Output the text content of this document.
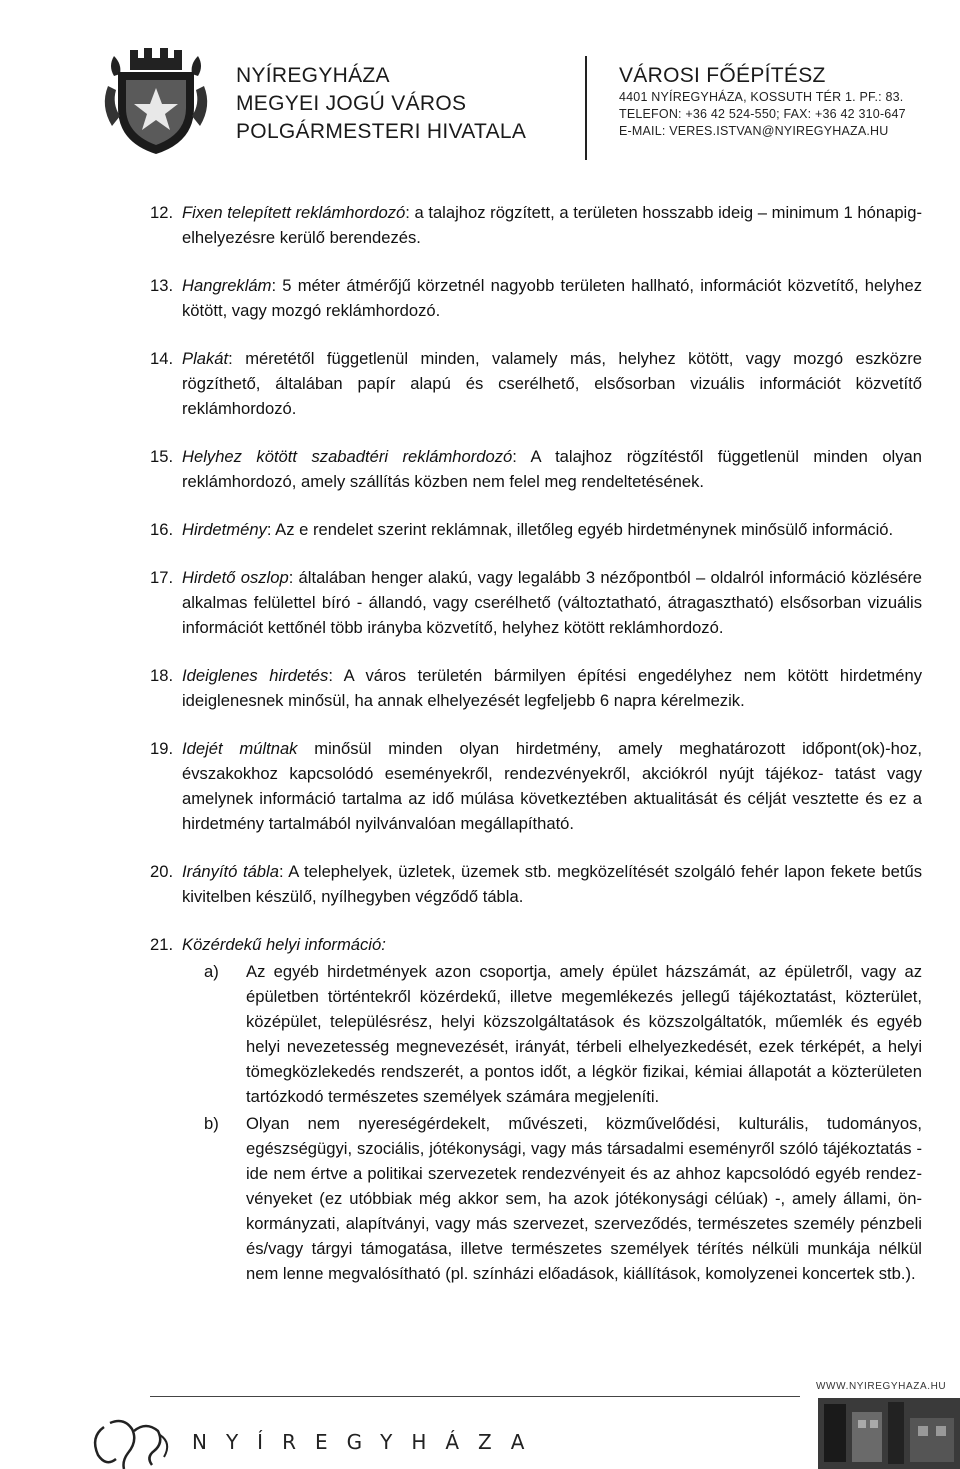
NYÍREGYHÁZA
MEGYEI JOGÚ VÁROS
POLGÁRMESTERI HIVATALA
VÁROSI FŐÉPÍTÉSZ
4401 NYÍREGYHÁZA, KOSSUTH TÉR 1. PF.: 83.
TELEFON: +36 42 524-550; FAX: +36 42 310-647
E-MAIL: VERES.ISTVAN@NYIREGYHAZA.HU
12. Fixen telepített reklámhordozó: a talajhoz rögzített, a területen hosszabb ideig – minimum 1 hónapig- elhelyezésre kerülő berendezés.
13. Hangreklám: 5 méter átmérőjű körzetnél nagyobb területen hallható, információt közvetítő, helyhez kötött, vagy mozgó reklámhordozó.
14. Plakát: méretétől függetlenül minden, valamely más, helyhez kötött, vagy mozgó eszközre rögzíthető, általában papír alapú és cserélhető, elsősorban vizuális információt közvetítő reklámhordozó.
15. Helyhez kötött szabadtéri reklámhordozó: A talajhoz rögzítéstől függetlenül minden olyan reklámhordozó, amely szállítás közben nem felel meg rendeltetésének.
16. Hirdetmény: Az e rendelet szerint reklámnak, illetőleg egyéb hirdetménynek minősülő információ.
17. Hirdető oszlop: általában henger alakú, vagy legalább 3 nézőpontból – oldalról információ közlésére alkalmas felülettel bíró - állandó, vagy cserélhető (változtatható, átragasztható) elsősorban vizuális információt kettőnél több irányba közvetítő, helyhez kötött reklámhordozó.
18. Ideiglenes hirdetés: A város területén bármilyen építési engedélyhez nem kötött hirdetmény ideiglenesnek minősül, ha annak elhelyezését legfeljebb 6 napra kérelmezik.
19. Idejét múltnak minősül minden olyan hirdetmény, amely meghatározott időpont(ok)-hoz, évszakokhoz kapcsolódó eseményekről, rendezvényekről, akciókról nyújt tájékoz- tatást vagy amelynek információ tartalma az idő múlása következtében aktualitását és célját vesztette és ez a hirdetmény tartalmából nyilvánvalóan megállapítható.
20. Irányító tábla: A telephelyek, üzletek, üzemek stb. megközelítését szolgáló fehér lapon fekete betűs kivitelben készülő, nyílhegyben végződő tábla.
21. Közérdekű helyi információ:
a)	Az egyéb hirdetmények azon csoportja, amely épület házszámát, az épületről, vagy az épületben történtekről közérdekű, illetve megemlékezés jellegű tájékoztatást, közterület, középület, településrész, helyi közszolgáltatások és közszolgáltatók, műemlék és egyéb helyi nevezetesség megnevezését, irányát, térbeli elhelyezkedését, ezek térképét, a helyi tömegközlekedés rendszerét, a pontos időt, a légkör fizikai, kémiai állapotát a közterületen tartózkodó természetes személyek számára megjeleníti.
b)	Olyan nem nyereségérdekelt, művészeti, közművelődési, kulturális, tudományos, egészségügyi, szociális, jótékonysági, vagy más társadalmi eseményről szóló tájékoztatás - ide nem értve a politikai szervezetek rendezvényeit és az ahhoz kapcsolódó egyéb rendez- vényeket (ez utóbbiak még akkor sem, ha azok jótékonysági célúak) -, amely állami, ön- kormányzati, alapítványi, vagy más szervezet, szerveződés, természetes személy pénzbeli és/vagy tárgyi támogatása, illetve természetes személyek térítés nélküli munkája nélkül nem lenne megvalósítható (pl. színházi előadások, kiállítások, komolyzenei koncertek stb.).
WWW.NYIREGYHAZA.HU
NYÍREGYHÁZA
